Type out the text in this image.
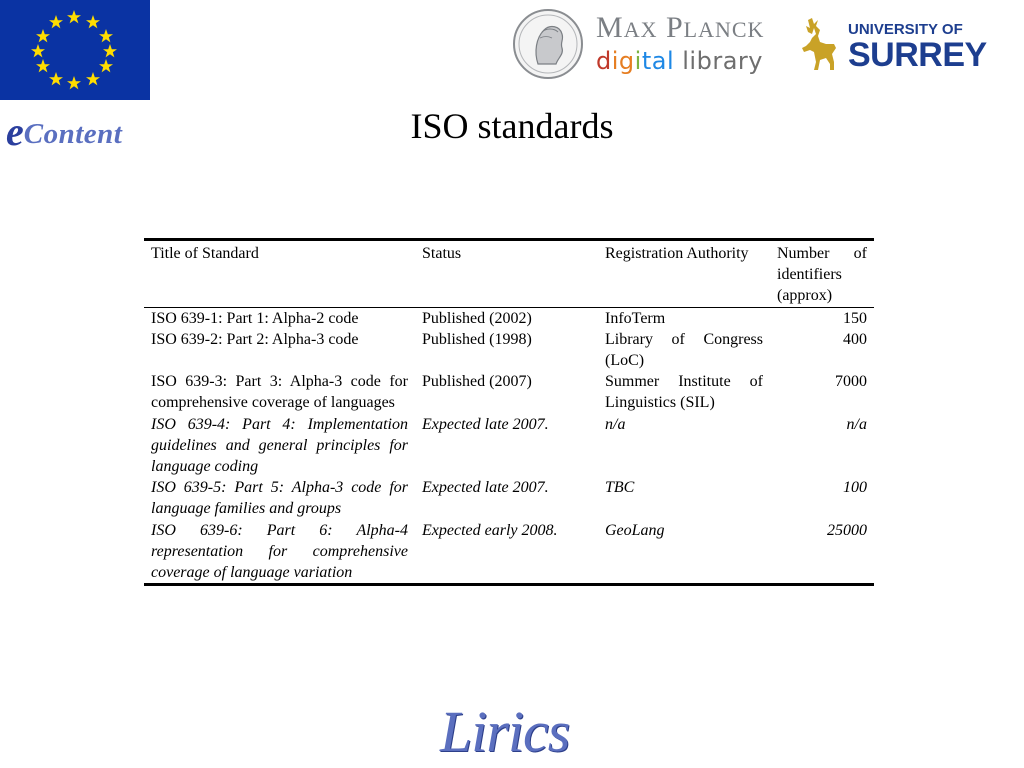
eContent
MAX PLANCK
digital library
UNIVERSITY OF
SURREY
ISO standards
Title of Standard	Status	Registration Authority	Number of identifiers (approx)
ISO 639-1: Part 1: Alpha-2 code	Published (2002)	InfoTerm	150
ISO 639-2: Part 2: Alpha-3 code	Published (1998)	Library of Congress (LoC)	400
ISO 639-3: Part 3: Alpha-3 code for comprehensive coverage of languages	Published (2007)	Summer Institute of Linguistics (SIL)	7000
ISO 639-4: Part 4: Implementation guidelines and general principles for language coding	Expected late 2007.	n/a	n/a
ISO 639-5: Part 5: Alpha-3 code for language families and groups	Expected late 2007.	TBC	100
ISO 639-6: Part 6: Alpha-4 representation for comprehensive coverage of language variation	Expected early 2008.	GeoLang	25000
Lirics
